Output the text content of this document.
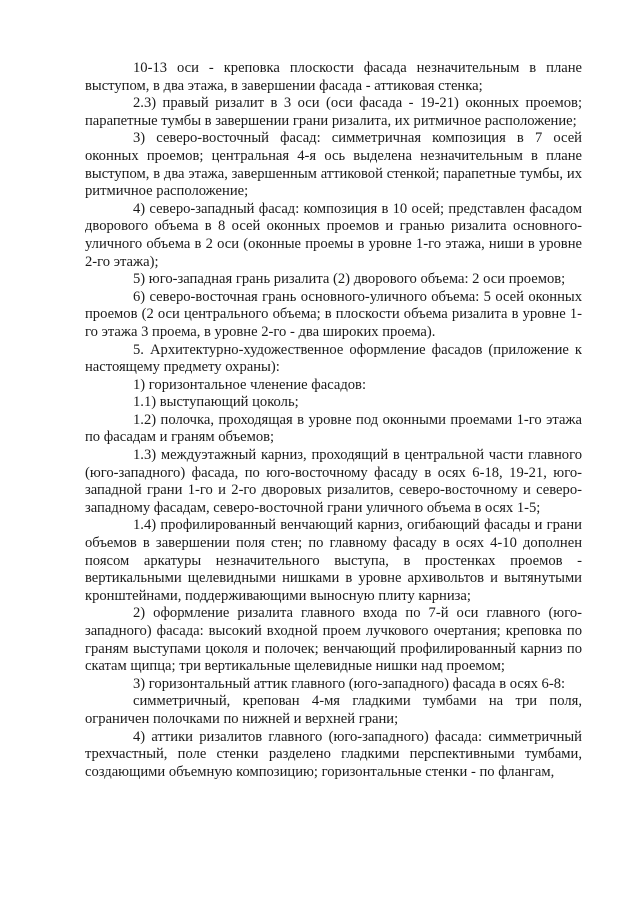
10-13 оси - креповка плоскости фасада незначительным в плане выступом, в два этажа, в завершении фасада - аттиковая стенка;

2.3) правый ризалит в 3 оси (оси фасада - 19-21) оконных проемов; парапетные тумбы в завершении грани ризалита, их ритмичное расположение;

3) северо-восточный фасад: симметричная композиция в 7 осей оконных проемов; центральная 4-я ось выделена незначительным в плане выступом, в два этажа, завершенным аттиковой стенкой; парапетные тумбы, их ритмичное расположение;

4) северо-западный фасад: композиция в 10 осей; представлен фасадом дворового объема в 8 осей оконных проемов и гранью ризалита основного-уличного объема в 2 оси (оконные проемы в уровне 1-го этажа, ниши в уровне 2-го этажа);

5) юго-западная грань ризалита (2) дворового объема: 2 оси проемов;

6) северо-восточная грань основного-уличного объема: 5 осей оконных проемов (2 оси центрального объема; в плоскости объема ризалита в уровне 1-го этажа 3 проема, в уровне 2-го - два широких проема).

5. Архитектурно-художественное оформление фасадов (приложение к настоящему предмету охраны):

1) горизонтальное членение фасадов:

1.1) выступающий цоколь;

1.2) полочка, проходящая в уровне под оконными проемами 1-го этажа по фасадам и граням объемов;

1.3) междуэтажный карниз, проходящий в центральной части главного (юго-западного) фасада, по юго-восточному фасаду в осях 6-18, 19-21, юго-западной грани 1-го и 2-го дворовых ризалитов, северо-восточному и северо-западному фасадам, северо-восточной грани уличного объема в осях 1-5;

1.4) профилированный венчающий карниз, огибающий фасады и грани объемов в завершении поля стен; по главному фасаду в осях 4-10 дополнен поясом аркатуры незначительного выступа, в простенках проемов - вертикальными щелевидными нишками в уровне архивольтов и вытянутыми кронштейнами, поддерживающими выносную плиту карниза;

2) оформление ризалита главного входа по 7-й оси главного (юго-западного) фасада: высокий входной проем лучкового очертания; креповка по граням выступами цоколя и полочек; венчающий профилированный карниз по скатам щипца; три вертикальные щелевидные нишки над проемом;

3) горизонтальный аттик главного (юго-западного) фасада в осях 6-8:

симметричный, крепован 4-мя гладкими тумбами на три поля, ограничен полочками по нижней и верхней грани;

4) аттики ризалитов главного (юго-западного) фасада: симметричный трехчастный, поле стенки разделено гладкими перспективными тумбами, создающими объемную композицию; горизонтальные стенки - по флангам,
